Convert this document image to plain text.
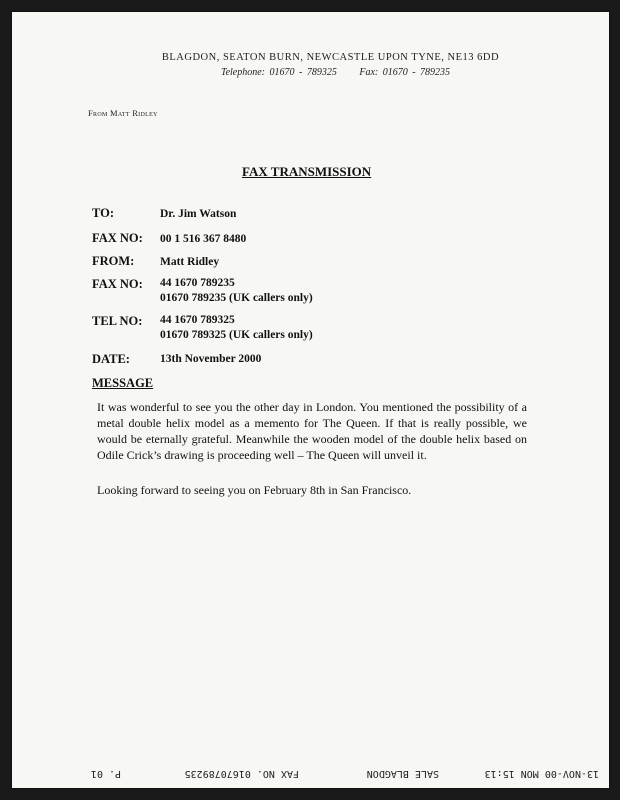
BLAGDON, SEATON BURN, NEWCASTLE UPON TYNE, NE13 6DD
Telephone: 01670 - 789325 Fax: 01670 - 789235
From Matt Ridley
FAX TRANSMISSION
TO:	Dr. Jim Watson
FAX NO: 00 1 516 367 8480
FROM: Matt Ridley
FAX NO: 44 1670 789235
01670 789235 (UK callers only)
TEL NO: 44 1670 789325
01670 789325 (UK callers only)
DATE:	13th November 2000
MESSAGE
It was wonderful to see you the other day in London. You mentioned the possibility of a metal double helix model as a memento for The Queen. If that is really possible, we would be eternally grateful. Meanwhile the wooden model of the double helix based on Odile Crick’s drawing is proceeding well – The Queen will unveil it.
Looking forward to seeing you on February 8th in San Francisco.
13-NOV-00 MON 15:13
SALE BLAGDON
FAX NO. 01670789235
P. 01
